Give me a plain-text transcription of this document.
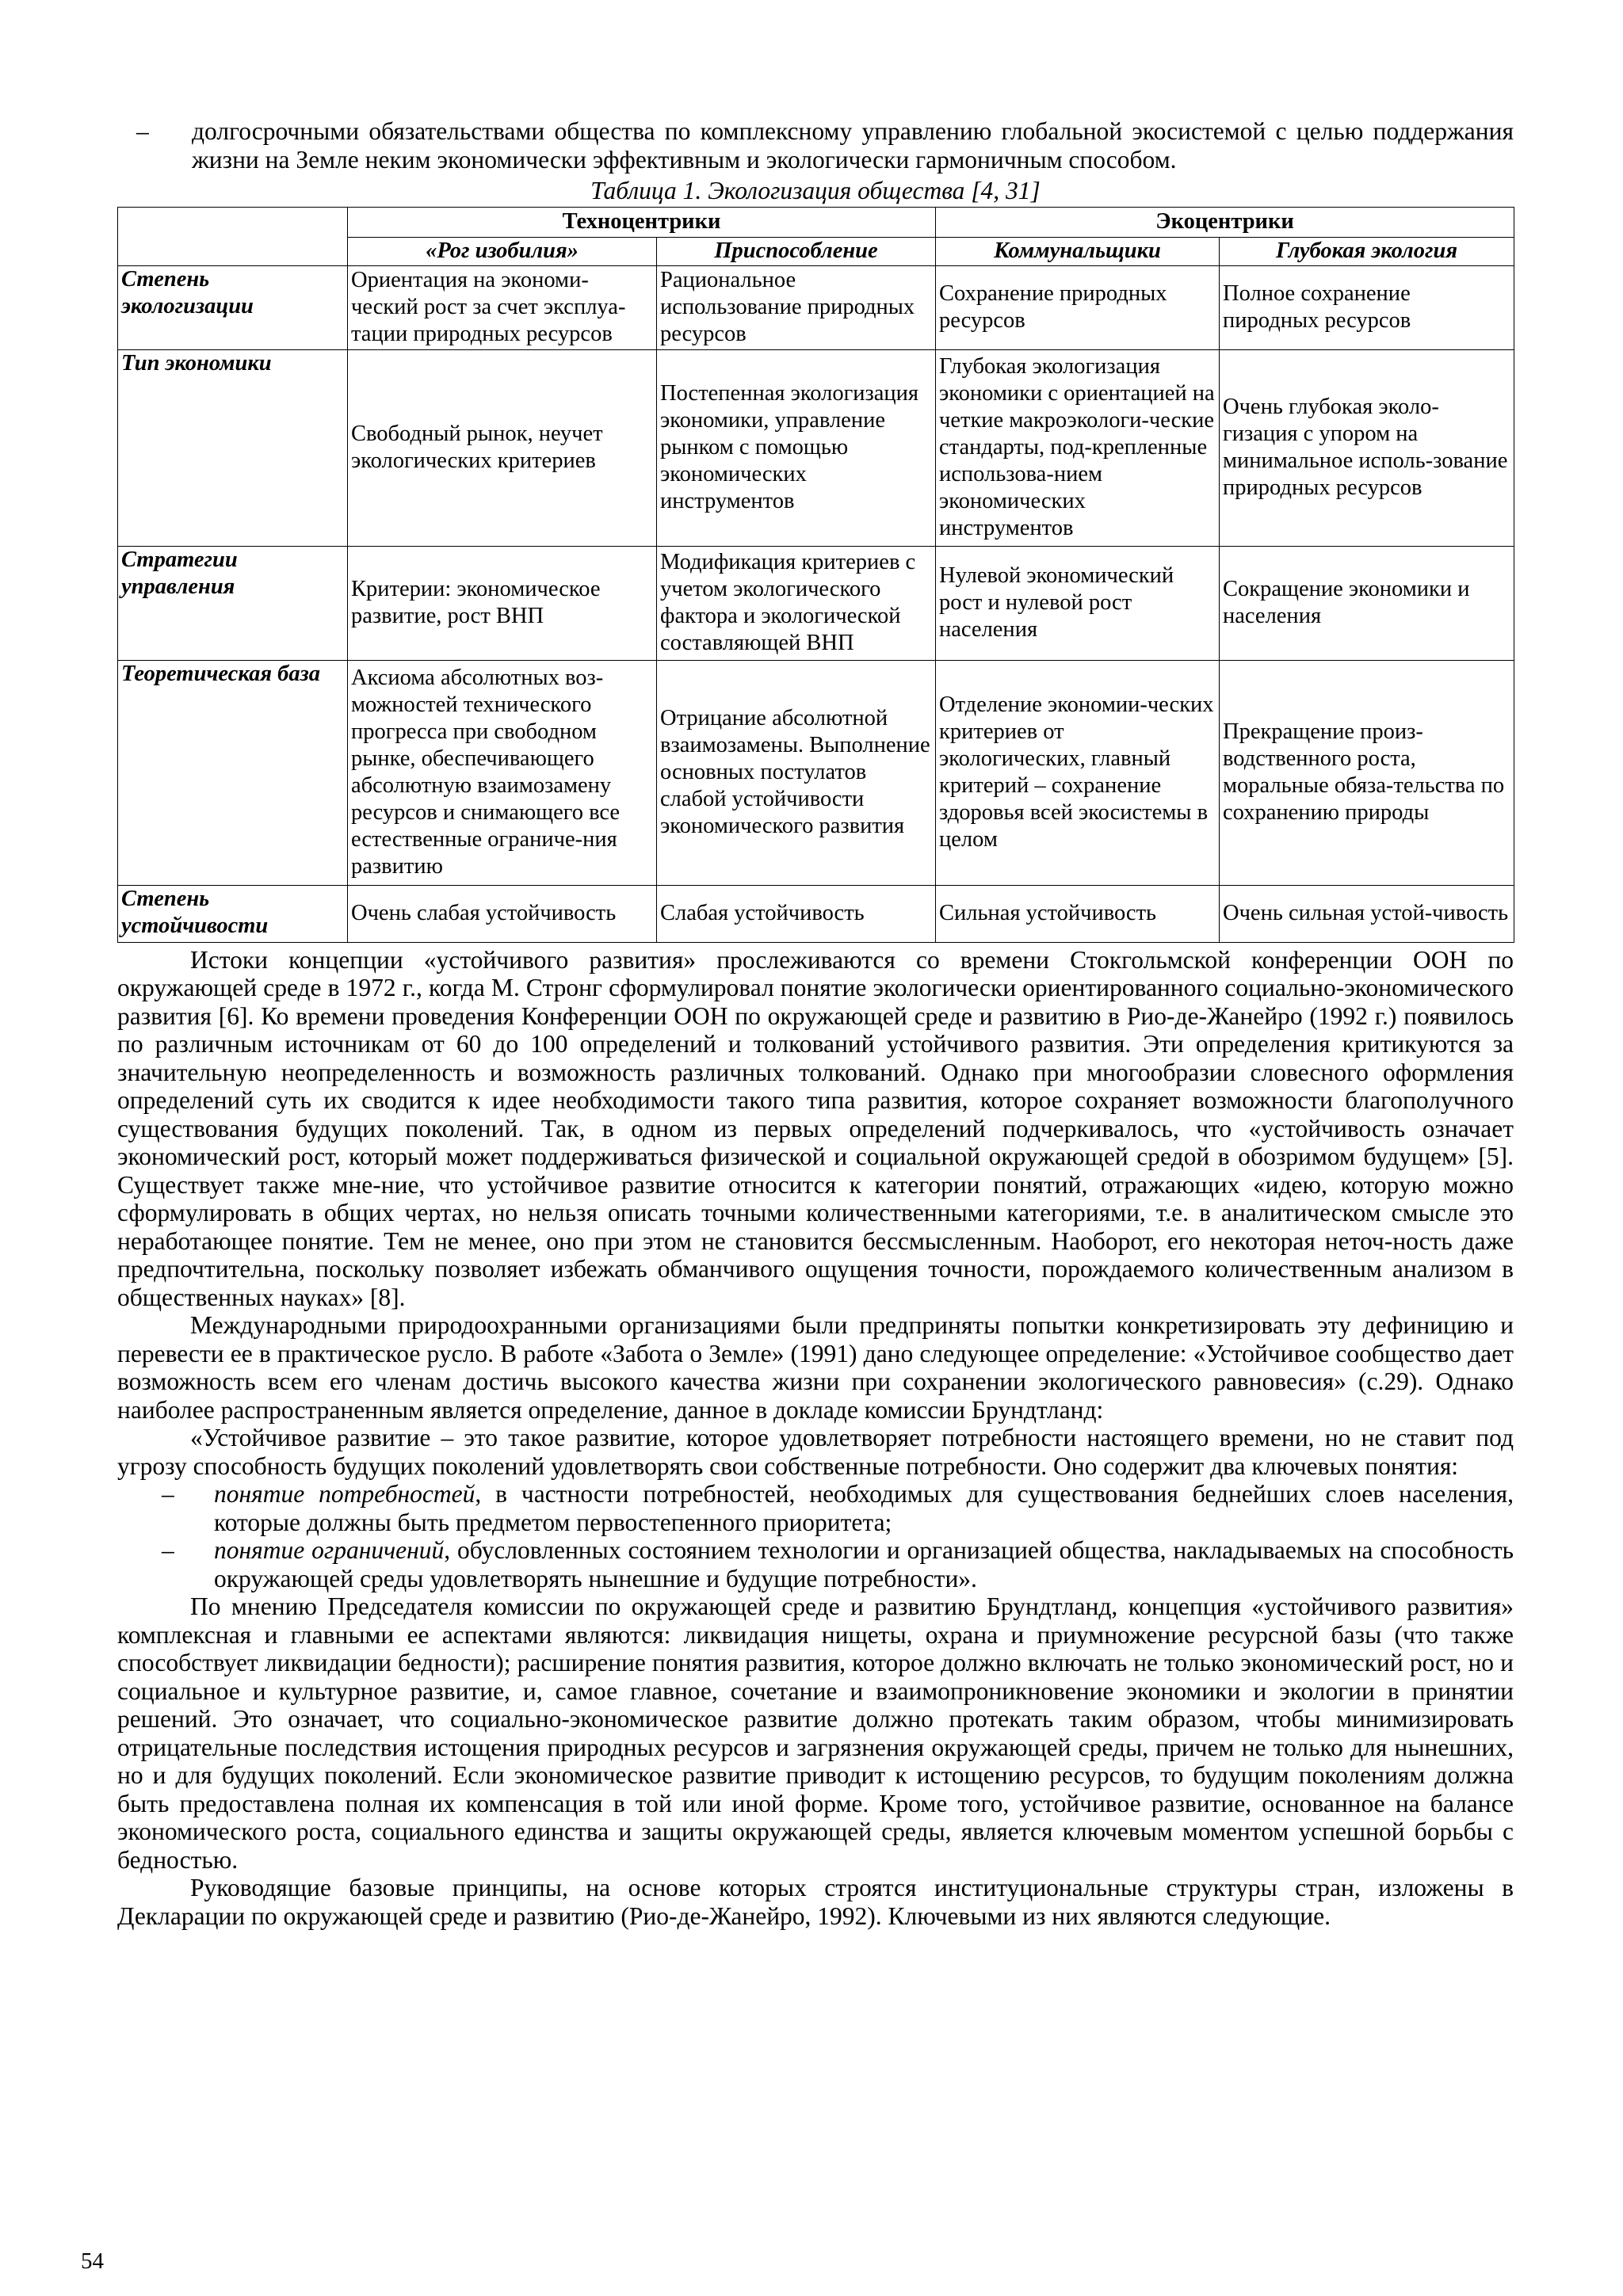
– долгосрочными обязательствами общества по комплексному управлению глобальной экосистемой с целью поддержания жизни на Земле неким экономически эффективным и экологически гармоничным способом.

Таблица 1. Экологизация общества [4, 31]
	Техноцентрики		Экоцентрики	
	«Рог изобилия»	Приспособление	Коммунальщики	Глубокая экология
Степень экологизации	Ориентация на экономи-ческий рост за счет эксплуа-тации природных ресурсов	Рациональное использование природных ресурсов	Сохранение природных ресурсов	Полное сохранение пиродных ресурсов
Тип экономики	Свободный рынок, неучет экологических критериев	Постепенная экологизация экономики, управление рынком с помощью экономических инструментов	Глубокая экологизация экономики с ориентацией на четкие макроэкологи-ческие стандарты, под-крепленные использова-нием экономических инструментов	Очень глубокая эколо-гизация с упором на минимальное исполь-зование природных ресурсов
Стратегии управления	Критерии: экономическое развитие, рост ВНП	Модификация критериев с учетом экологического фактора и экологической составляющей ВНП	Нулевой экономический рост и нулевой рост населения	Сокращение экономики и населения
Теоретическая база	Аксиома абсолютных воз-можностей технического прогресса при свободном рынке, обеспечивающего абсолютную взаимозамену ресурсов и снимающего все естественные ограниче-ния развитию	Отрицание абсолютной взаимозамены. Выполнение основных постулатов слабой устойчивости экономического развития	Отделение экономии-ческих критериев от экологических, главный критерий – сохранение здоровья всей экосистемы в целом	Прекращение произ-водственного роста, моральные обяза-тельства по сохранению природы
Степень устойчивости	Очень слабая устойчивость	Слабая устойчивость	Сильная устойчивость	Очень сильная устой-чивость

Истоки концепции «устойчивого развития» прослеживаются со времени Стокгольмской конференции ООН по окружающей среде в 1972 г., когда М. Стронг сформулировал понятие экологически ориентированного социально-экономического развития [6]. Ко времени проведения Конференции ООН по окружающей среде и развитию в Рио-де-Жанейро (1992 г.) появилось по различным источникам от 60 до 100 определений и толкований устойчивого развития. Эти определения критикуются за значительную неопределенность и возможность различных толкований. Однако при многообразии словесного оформления определений суть их сводится к идее необходимости такого типа развития, которое сохраняет возможности благополучного существования будущих поколений. Так, в одном из первых определений подчеркивалось, что «устойчивость означает экономический рост, который может поддерживаться физической и социальной окружающей средой в обозримом будущем» [5]. Существует также мне-ние, что устойчивое развитие относится к категории понятий, отражающих «идею, которую можно сформулировать в общих чертах, но нельзя описать точными количественными категориями, т.е. в аналитическом смысле это неработающее понятие. Тем не менее, оно при этом не становится бессмысленным. Наоборот, его некоторая неточ-ность даже предпочтительна, поскольку позволяет избежать обманчивого ощущения точности, порождаемого количественным анализом в общественных науках» [8].

Международными природоохранными организациями были предприняты попытки конкретизировать эту дефиницию и перевести ее в практическое русло. В работе «Забота о Земле» (1991) дано следующее определение: «Устойчивое сообщество дает возможность всем его членам достичь высокого качества жизни при сохранении экологического равновесия» (с.29). Однако наиболее распространенным является определение, данное в докладе комиссии Брундтланд:

«Устойчивое развитие – это такое развитие, которое удовлетворяет потребности настоящего времени, но не ставит под угрозу способность будущих поколений удовлетворять свои собственные потребности. Оно содержит два ключевых понятия:

– понятие потребностей, в частности потребностей, необходимых для существования беднейших слоев населения, которые должны быть предметом первостепенного приоритета;

– понятие ограничений, обусловленных состоянием технологии и организацией общества, накладываемых на способность окружающей среды удовлетворять нынешние и будущие потребности».

По мнению Председателя комиссии по окружающей среде и развитию Брундтланд, концепция «устойчивого развития» комплексная и главными ее аспектами являются: ликвидация нищеты, охрана и приумножение ресурсной базы (что также способствует ликвидации бедности); расширение понятия развития, которое должно включать не только экономический рост, но и социальное и культурное развитие, и, самое главное, сочетание и взаимопроникновение экономики и экологии в принятии решений. Это означает, что социально-экономическое развитие должно протекать таким образом, чтобы минимизировать отрицательные последствия истощения природных ресурсов и загрязнения окружающей среды, причем не только для нынешних, но и для будущих поколений. Если экономическое развитие приводит к истощению ресурсов, то будущим поколениям должна быть предоставлена полная их компенсация в той или иной форме. Кроме того, устойчивое развитие, основанное на балансе экономического роста, социального единства и защиты окружающей среды, является ключевым моментом успешной борьбы с бедностью.

Руководящие базовые принципы, на основе которых строятся институциональные структуры стран, изложены в Декларации по окружающей среде и развитию (Рио-де-Жанейро, 1992). Ключевыми из них являются следующие.

54
